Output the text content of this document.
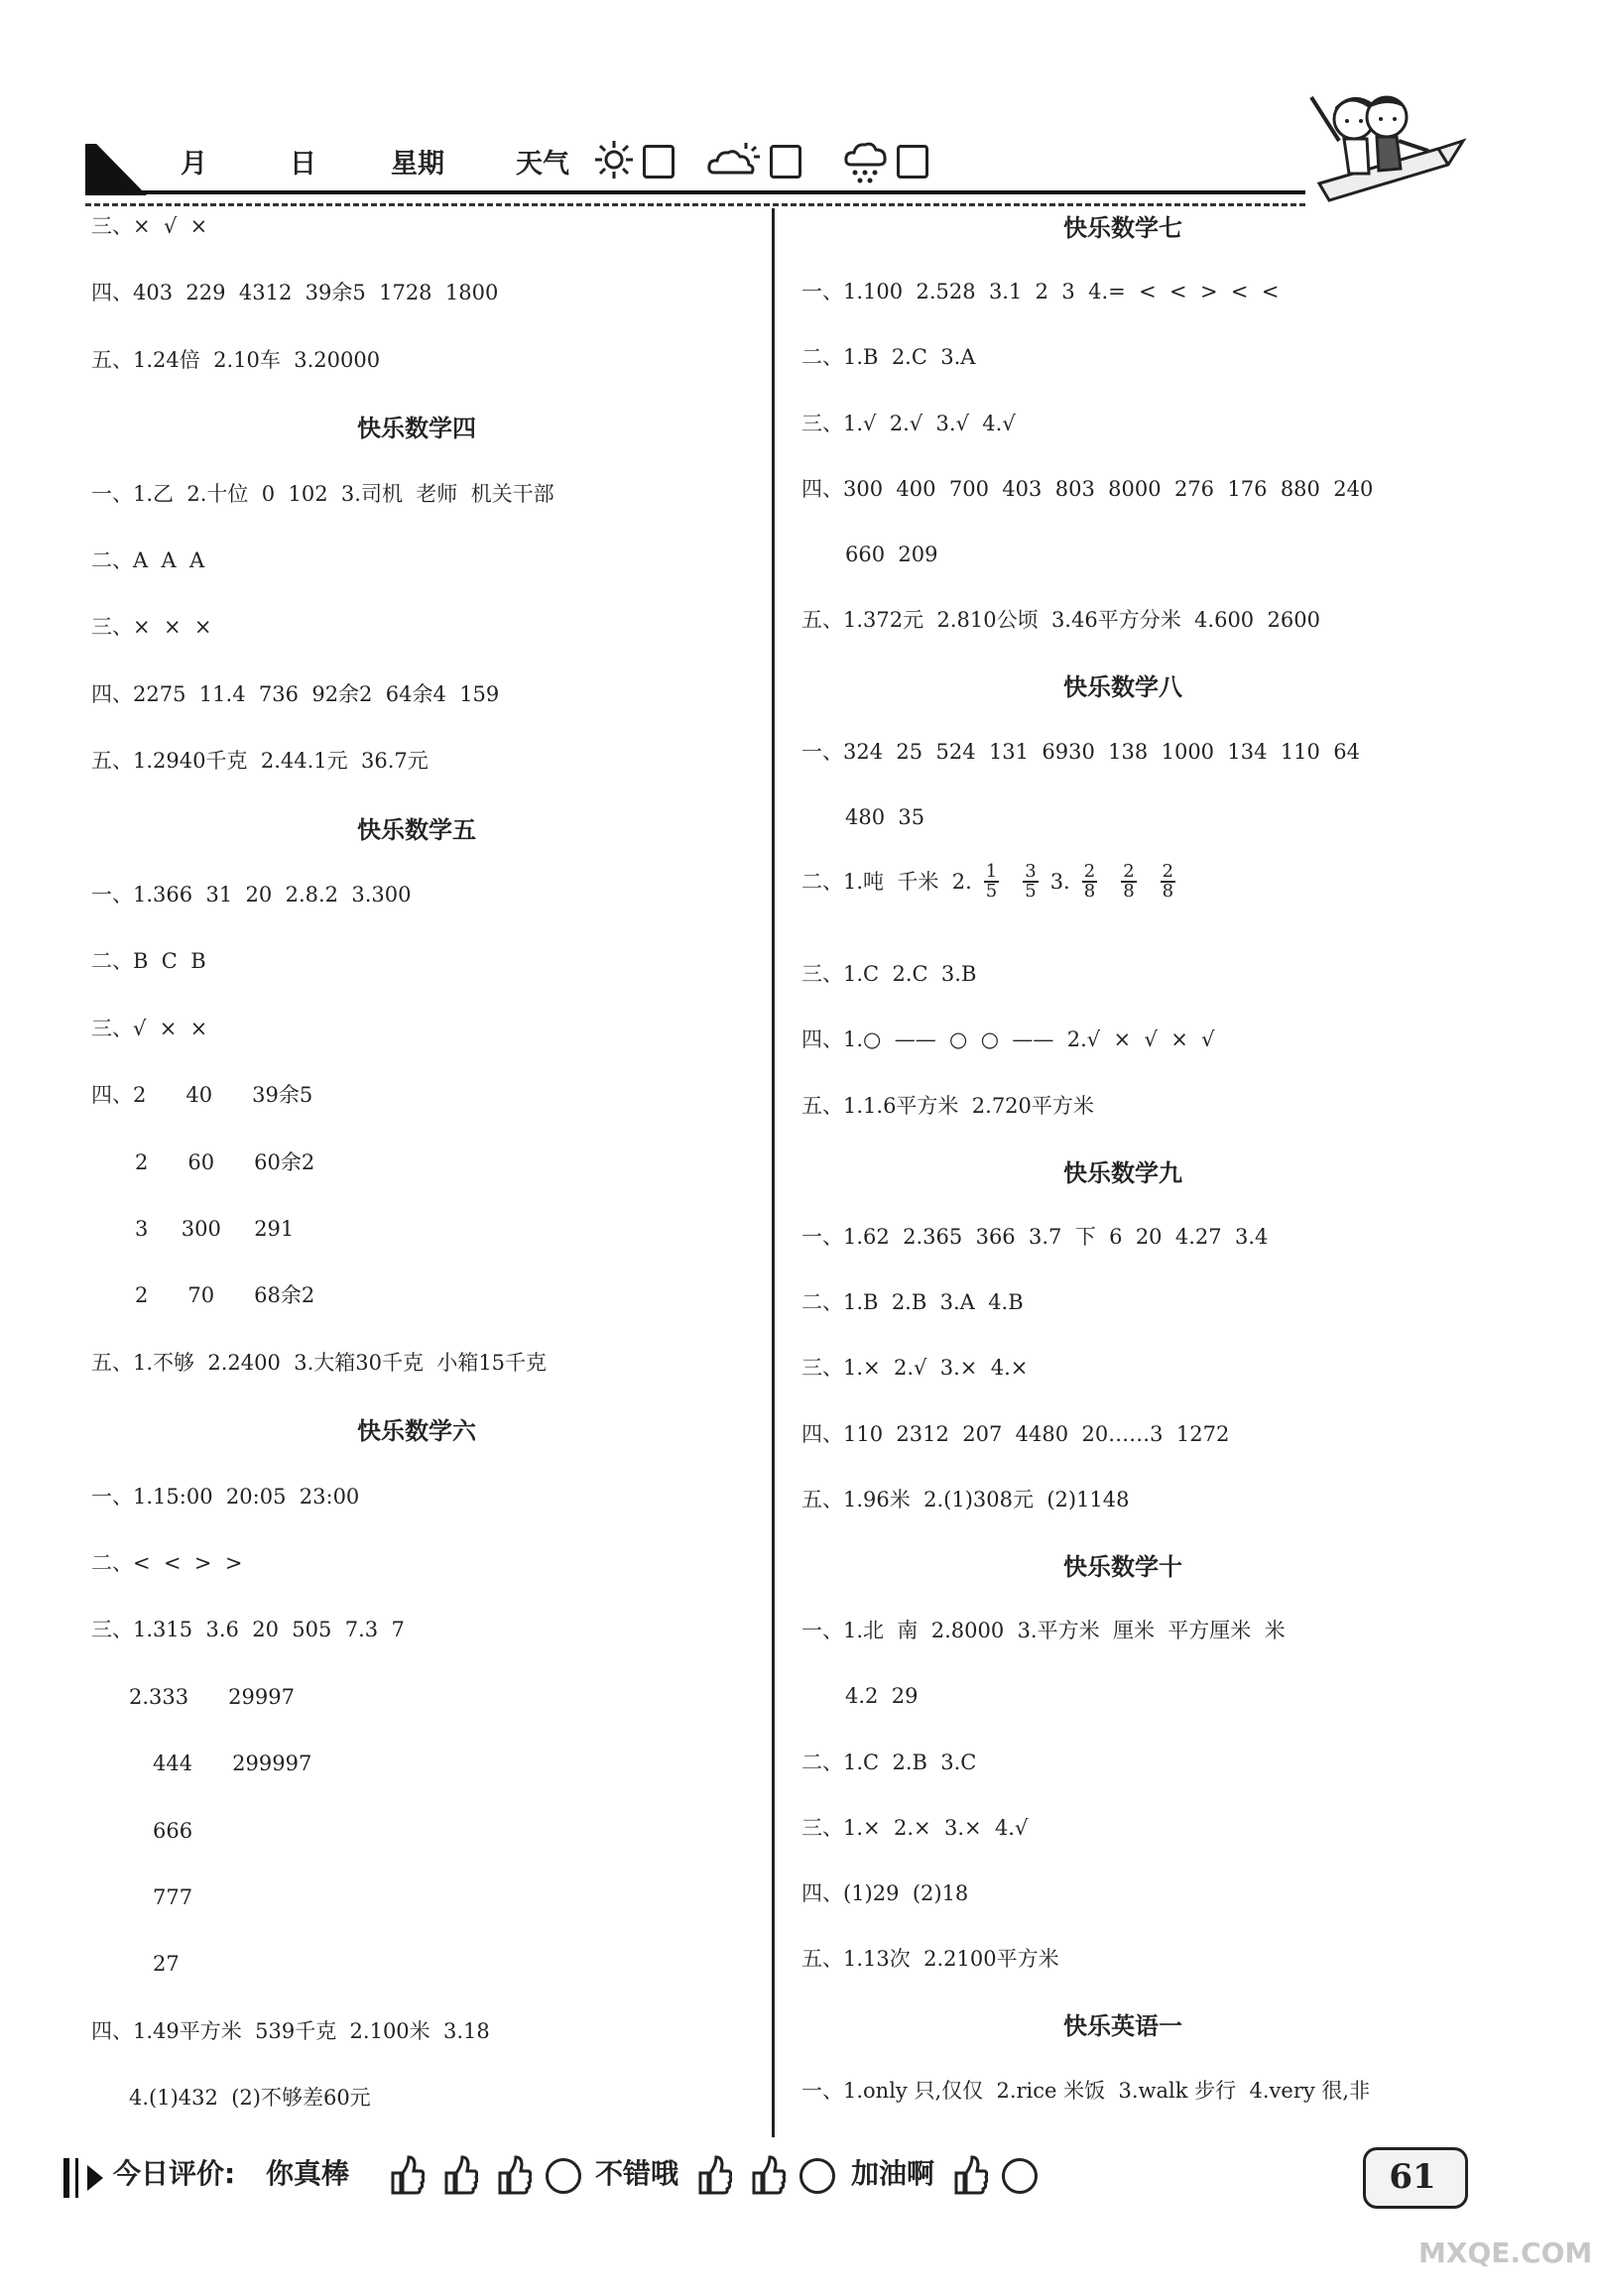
月	日	星期	天气
三、×  √  ×
四、403  229  4312  39余5  1728  1800
五、1.24倍  2.10车  3.20000
快乐数学四
一、1.乙  2.十位  0  102  3.司机  老师  机关干部
二、A  A  A
三、×  ×  ×
四、2275  11.4  736  92余2  64余4  159
五、1.2940千克  2.44.1元  36.7元
快乐数学五
一、1.366  31  20  2.8.2  3.300
二、B  C  B
三、√  ×  ×
四、2      40      39余5
2      60      60余2
3     300     291
2      70      68余2
五、1.不够  2.2400  3.大箱30千克  小箱15千克
快乐数学六
一、1.15:00  20:05  23:00
二、<  <  >  >
三、1.315  3.6  20  505  7.3  7
2.333      29997
444      299997
666
777
27
四、1.49平方米  539千克  2.100米  3.18
4.(1)432  (2)不够差60元
快乐数学七
一、1.100  2.528  3.1  2  3  4.=  <  <  >  <  <
二、1.B  2.C  3.A
三、1.√  2.√  3.√  4.√
四、300  400  700  403  803  8000  276  176  880  240
660  209
五、1.372元  2.810公顷  3.46平方分米  4.600  2600
快乐数学八
一、324  25  524  131  6930  138  1000  134  110  64
480  35
二、1.吨  千米  2. $\frac{1}{5} \frac{3}{5} 3$. $\frac{2}{8} \frac{2}{8} \frac{2}{8}$
三、1.C  2.C  3.B
四、1.○  ——  ○  ○  ——  2.√  ×  √  ×  √
五、1.1.6平方米  2.720平方米
快乐数学九
一、1.62  2.365  366  3.7  下  6  20  4.27  3.4
二、1.B  2.B  3.A  4.B
三、1.×  2.√  3.×  4.×
四、110  2312  207  4480  20……3  1272
五、1.96米  2.(1)308元  (2)1148
快乐数学十
一、1.北  南  2.8000  3.平方米  厘米  平方厘米  米
4.2  29
二、1.C  2.B  3.C
三、1.×  2.×  3.×  4.√
四、(1)29  (2)18
五、1.13次  2.2100平方米
快乐英语一
一、1.only 只,仅仅  2.rice 米饭  3.walk 步行  4.very 很,非
今日评价: 你真棒	不错哦	加油啊	61
MXQE.COM
